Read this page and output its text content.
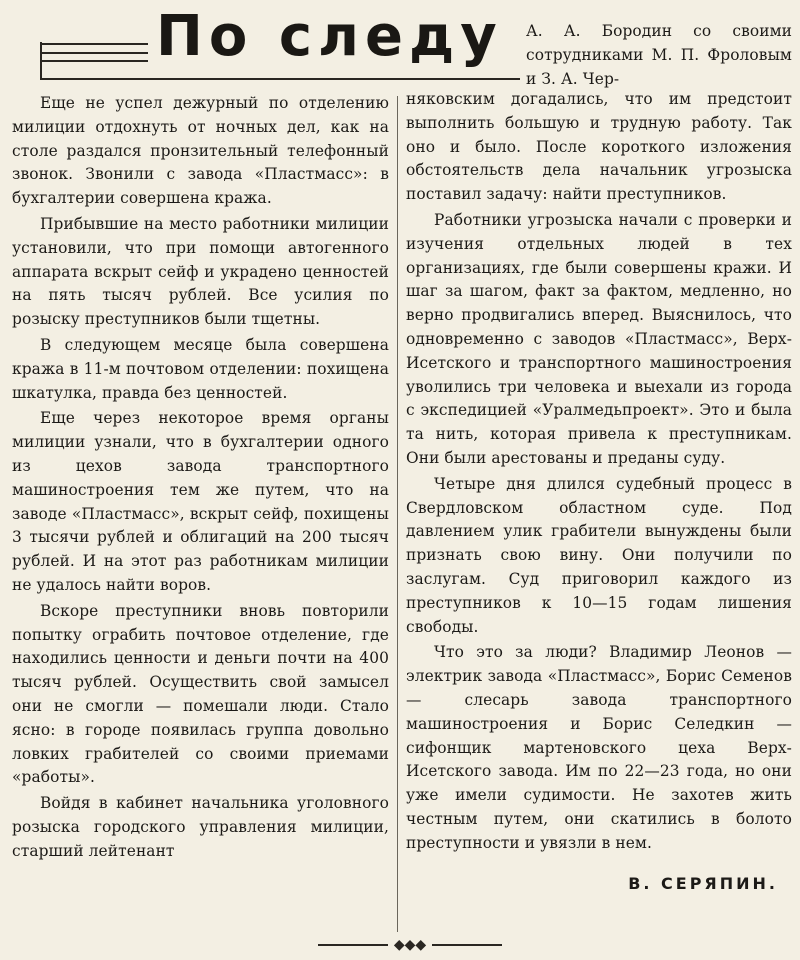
По следу А. А. Бородин со своими сотрудниками М. П. Фроловым и З. А. Чер-

Еще не успел дежурный по отделению милиции отдохнуть от ночных дел, как на столе раздался пронзительный телефонный звонок. Звонили с завода «Пластмасс»: в бухгалтерии совершена кража.

Прибывшие на место работники милиции установили, что при помощи автогенного аппарата вскрыт сейф и украдено ценностей на пять тысяч рублей. Все усилия по розыску преступников были тщетны.

В следующем месяце была совершена кража в 11-м почтовом отделении: похищена шкатулка, правда без ценностей.

Еще через некоторое время органы милиции узнали, что в бухгалтерии одного из цехов завода транспортного машиностроения тем же путем, что на заводе «Пластмасс», вскрыт сейф, похищены 3 тысячи рублей и облигаций на 200 тысяч рублей. И на этот раз работникам милиции не удалось найти воров.

Вскоре преступники вновь повторили попытку ограбить почтовое отделение, где находились ценности и деньги почти на 400 тысяч рублей. Осуществить свой замысел они не смогли — помешали люди. Стало ясно: в городе появилась группа довольно ловких грабителей со своими приемами «работы».

Войдя в кабинет начальника уголовного розыска городского управления милиции, старший лейтенант

няковским догадались, что им предстоит выполнить большую и трудную работу. Так оно и было. После короткого изложения обстоятельств дела начальник угрозыска поставил задачу: найти преступников.

Работники угрозыска начали с проверки и изучения отдельных людей в тех организациях, где были совершены кражи. И шаг за шагом, факт за фактом, медленно, но верно продвигались вперед. Выяснилось, что одновременно с заводов «Пластмасс», Верх-Исетского и транспортного машиностроения уволились три человека и выехали из города с экспедицией «Уралмедьпроект». Это и была та нить, которая привела к преступникам. Они были арестованы и преданы суду.

Четыре дня длился судебный процесс в Свердловском областном суде. Под давлением улик грабители вынуждены были признать свою вину. Они получили по заслугам. Суд приговорил каждого из преступников к 10—15 годам лишения свободы.

Что это за люди? Владимир Леонов — электрик завода «Пластмасс», Борис Семенов — слесарь завода транспортного машиностроения и Борис Селедкин — сифонщик мартеновского цеха Верх-Исетского завода. Им по 22—23 года, но они уже имели судимости. Не захотев жить честным путем, они скатились в болото преступности и увязли в нем.

В. СЕРЯПИН.
◆◆◆
